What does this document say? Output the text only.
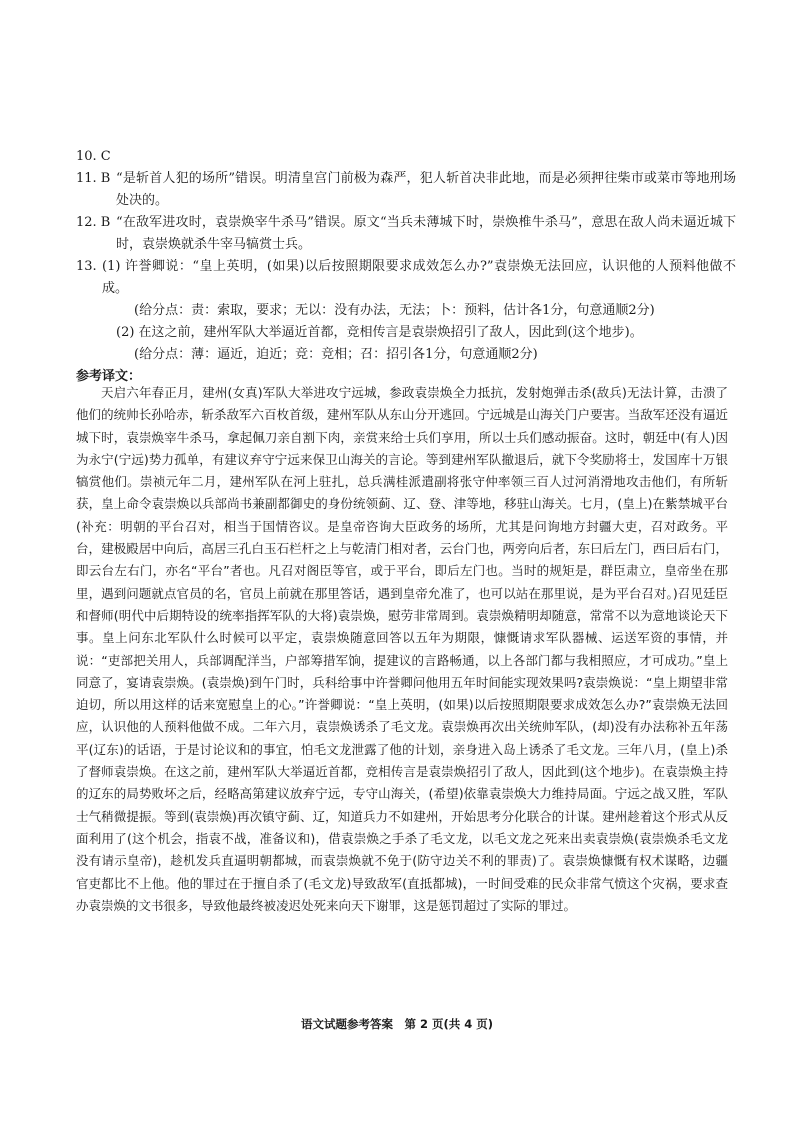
10. C
11. B “是斩首人犯的场所”错误。明清皇宫门前极为森严，犯人斩首决非此地，而是必须押往柴市或菜市等地刑场处决的。
12. B “在敌军进攻时，袁崇焕宰牛杀马”错误。原文“当兵未薄城下时，崇焕椎牛杀马”，意思在敌人尚未逼近城下时，袁崇焕就杀牛宰马犒赏士兵。
13. (1) 许誉卿说：“皇上英明，(如果)以后按照期限要求成效怎么办?”袁崇焕无法回应，认识他的人预料他做不成。
(给分点：责：索取，要求；无以：没有办法，无法；卜：预料，估计各1分，句意通顺2分)
(2) 在这之前，建州军队大举逼近首都，竞相传言是袁崇焕招引了敌人，因此到(这个地步)。
(给分点：薄：逼近，迫近；竞：竞相；召：招引各1分，句意通顺2分)
参考译文：
天启六年春正月，建州(女真)军队大举进攻宁远城，参政袁崇焕全力抵抗，发射炮弹击杀(敌兵)无法计算，击溃了他们的统帅长孙哈赤，斩杀敌军六百枚首级，建州军队从东山分开逃回。宁远城是山海关门户要害。当敌军还没有逼近城下时，袁崇焕宰牛杀马，拿起佩刀亲自割下肉，亲赏来给士兵们享用，所以士兵们感动振奋。这时，朝廷中(有人)因为永宁(宁远)势力孤单，有建议弃守宁远来保卫山海关的言论。等到建州军队撤退后，就下令奖励将士，发国库十万银犒赏他们。崇祯元年二月，建州军队在河上驻扎，总兵满桂派遣副将张守仲率领三百人过河消滑地攻击他们，有所斩获，皇上命令袁崇焕以兵部尚书兼副都御史的身份统领蓟、辽、登、津等地，移驻山海关。七月，(皇上)在紫禁城平台(补充：明朝的平台召对，相当于国情咨议。是皇帝咨询大臣政务的场所，尤其是问询地方封疆大吏，召对政务。平台，建极殿居中向后，高居三孔白玉石栏杆之上与乾清门相对者，云台门也，两旁向后者，东曰后左门，西曰后右门，即云台左右门，亦名“平台”者也。凡召对阁臣等官，或于平台，即后左门也。当时的规矩是，群臣肃立，皇帝坐在那里，遇到问题就点官员的名，官员上前就在那里答话，遇到皇帝允准了，也可以站在那里说，是为平台召对。)召见廷臣和督师(明代中后期特设的统率指挥军队的大将)袁崇焕，慰劳非常周到。袁崇焕精明却随意，常常不以为意地谈论天下事。皇上问东北军队什么时候可以平定，袁崇焕随意回答以五年为期限，慷慨请求军队器械、运送军资的事情，并说：“吏部把关用人，兵部调配洋当，户部筹措军饷，提建议的言路畅通，以上各部门都与我相照应，才可成功。”皇上同意了，宴请袁崇焕。(袁崇焕)到午门时，兵科给事中许誉卿问他用五年时间能实现效果吗?袁崇焕说：“皇上期望非常迫切，所以用这样的话来宽慰皇上的心。”许誉卿说：“皇上英明，(如果)以后按照期限要求成效怎么办?”袁崇焕无法回应，认识他的人预料他做不成。二年六月，袁崇焕诱杀了毛文龙。袁崇焕再次出关统帅军队，(却)没有办法称补五年荡平(辽东)的话语，于是讨论议和的事宜，怕毛文龙泄露了他的计划，亲身进入岛上诱杀了毛文龙。三年八月，(皇上)杀了督师袁崇焕。在这之前，建州军队大举逼近首都，竞相传言是袁崇焕招引了敌人，因此到(这个地步)。在袁崇焕主持的辽东的局势败坏之后，经略高第建议放弃宁远，专守山海关，(希望)依靠袁崇焕大力维持局面。宁远之战又胜，军队士气稍微提振。等到(袁崇焕)再次镇守蓟、辽，知道兵力不如建州，开始思考分化联合的计谋。建州趁着这个形式从反面利用了(这个机会，指袁不战，准备议和)，借袁崇焕之手杀了毛文龙，以毛文龙之死来出卖袁崇焕(袁崇焕杀毛文龙没有请示皇帝)，趁机发兵直逼明朝都城，而袁崇焕就不免于(防守边关不利的罪责)了。袁崇焕慷慨有权术谋略，边疆官吏都比不上他。他的罪过在于擅自杀了(毛文龙)导致敌军(直抵都城)，一时间受难的民众非常气愤这个灾祸，要求查办袁崇焕的文书很多，导致他最终被凌迟处死来向天下谢罪，这是惩罚超过了实际的罪过。
语文试题参考答案　第 2 页(共 4 页)
